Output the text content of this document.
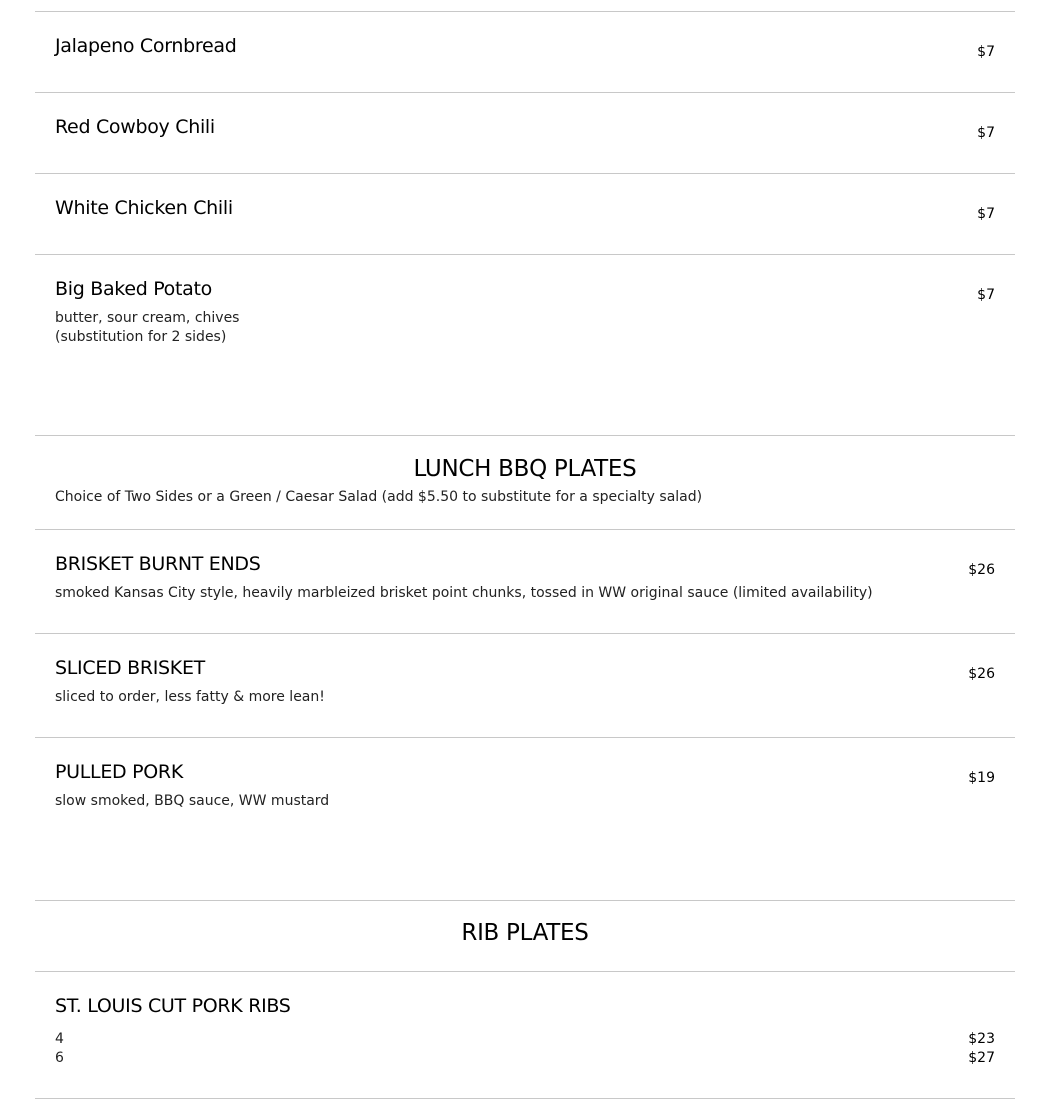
Jalapeno Cornbread	$7
Red Cowboy Chili	$7
White Chicken Chili	$7
Big Baked Potato	$7
butter, sour cream, chives
(substitution for 2 sides)
LUNCH BBQ PLATES
Choice of Two Sides or a Green / Caesar Salad (add $5.50 to substitute for a specialty salad)
BRISKET BURNT ENDS	$26
smoked Kansas City style, heavily marbleized brisket point chunks, tossed in WW original sauce (limited availability)
SLICED BRISKET	$26
sliced to order, less fatty & more lean!
PULLED PORK	$19
slow smoked, BBQ sauce, WW mustard
RIB PLATES
ST. LOUIS CUT PORK RIBS
4	$23
6	$27
